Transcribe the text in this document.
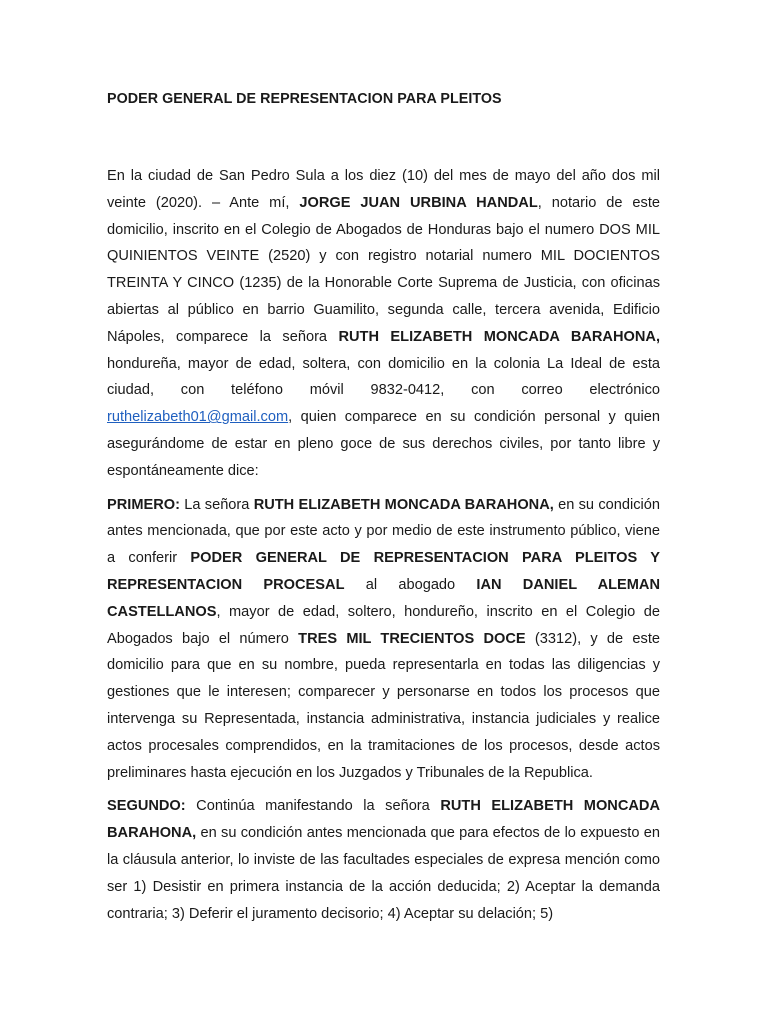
PODER GENERAL DE REPRESENTACION PARA PLEITOS

En la ciudad de San Pedro Sula a los diez (10) del mes de mayo del año dos mil veinte (2020). – Ante mí, JORGE JUAN URBINA HANDAL, notario de este domicilio, inscrito en el Colegio de Abogados de Honduras bajo el numero DOS MIL QUINIENTOS VEINTE (2520) y con registro notarial numero MIL DOCIENTOS TREINTA Y CINCO (1235) de la Honorable Corte Suprema de Justicia, con oficinas abiertas al público en barrio Guamilito, segunda calle, tercera avenida, Edificio Nápoles, comparece la señora RUTH ELIZABETH MONCADA BARAHONA, hondureña, mayor de edad, soltera, con domicilio en la colonia La Ideal de esta ciudad, con teléfono móvil 9832-0412, con correo electrónico ruthelizabeth01@gmail.com, quien comparece en su condición personal y quien asegurándome de estar en pleno goce de sus derechos civiles, por tanto libre y espontáneamente dice:

PRIMERO: La señora RUTH ELIZABETH MONCADA BARAHONA, en su condición antes mencionada, que por este acto y por medio de este instrumento público, viene a conferir PODER GENERAL DE REPRESENTACION PARA PLEITOS Y REPRESENTACION PROCESAL al abogado IAN DANIEL ALEMAN CASTELLANOS, mayor de edad, soltero, hondureño, inscrito en el Colegio de Abogados bajo el número TRES MIL TRECIENTOS DOCE (3312), y de este domicilio para que en su nombre, pueda representarla en todas las diligencias y gestiones que le interesen; comparecer y personarse en todos los procesos que intervenga su Representada, instancia administrativa, instancia judiciales y realice actos procesales comprendidos, en la tramitaciones de los procesos, desde actos preliminares hasta ejecución en los Juzgados y Tribunales de la Republica.

SEGUNDO: Continúa manifestando la señora RUTH ELIZABETH MONCADA BARAHONA, en su condición antes mencionada que para efectos de lo expuesto en la cláusula anterior, lo inviste de las facultades especiales de expresa mención como ser 1) Desistir en primera instancia de la acción deducida; 2) Aceptar la demanda contraria; 3) Deferir el juramento decisorio; 4) Aceptar su delación; 5)
